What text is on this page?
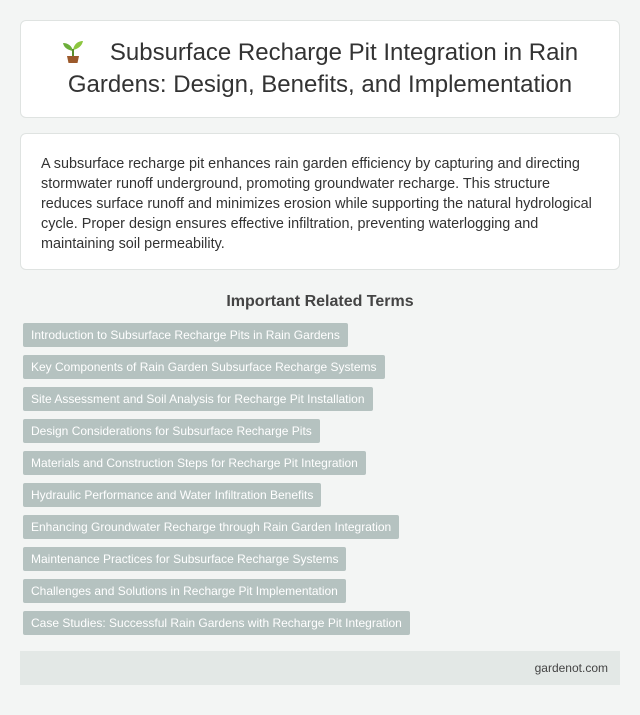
Subsurface Recharge Pit Integration in Rain Gardens: Design, Benefits, and Implementation

A subsurface recharge pit enhances rain garden efficiency by capturing and directing stormwater runoff underground, promoting groundwater recharge. This structure reduces surface runoff and minimizes erosion while supporting the natural hydrological cycle. Proper design ensures effective infiltration, preventing waterlogging and maintaining soil permeability.

Important Related Terms
Introduction to Subsurface Recharge Pits in Rain Gardens
Key Components of Rain Garden Subsurface Recharge Systems
Site Assessment and Soil Analysis for Recharge Pit Installation
Design Considerations for Subsurface Recharge Pits
Materials and Construction Steps for Recharge Pit Integration
Hydraulic Performance and Water Infiltration Benefits
Enhancing Groundwater Recharge through Rain Garden Integration
Maintenance Practices for Subsurface Recharge Systems
Challenges and Solutions in Recharge Pit Implementation
Case Studies: Successful Rain Gardens with Recharge Pit Integration
gardenot.com
